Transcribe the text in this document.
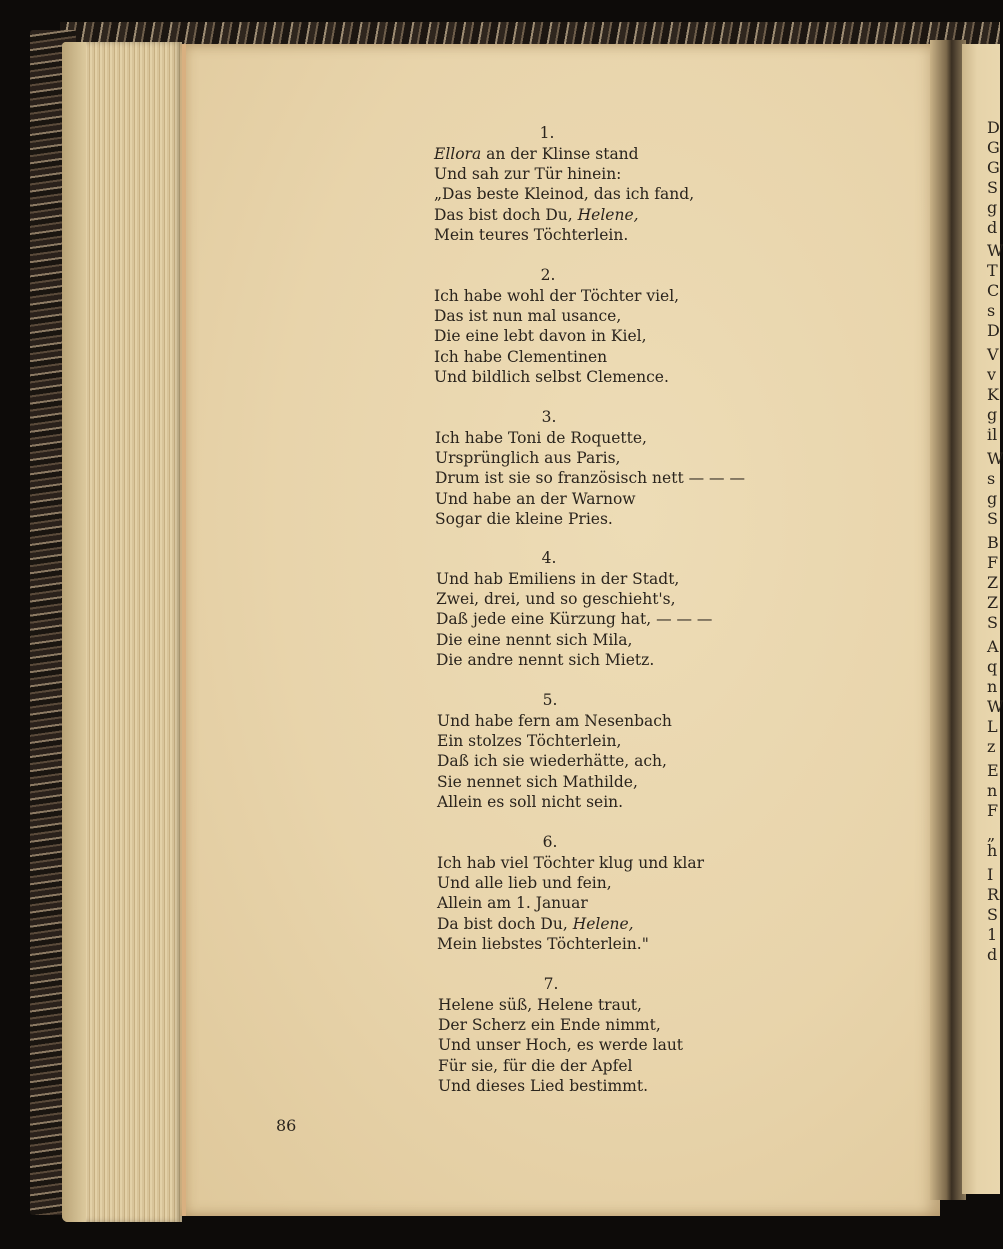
1.
Ellora an der Klinse stand
Und sah zur Tür hinein:
„Das beste Kleinod, das ich fand,
Das bist doch Du, Helene,
Mein teures Töchterlein.
2.
Ich habe wohl der Töchter viel,
Das ist nun mal usance,
Die eine lebt davon in Kiel,
Ich habe Clementinen
Und bildlich selbst Clemence.
3.
Ich habe Toni de Roquette,
Ursprünglich aus Paris,
Drum ist sie so französisch nett — — —
Und habe an der Warnow
Sogar die kleine Pries.
4.
Und hab Emiliens in der Stadt,
Zwei, drei, und so geschieht's,
Daß jede eine Kürzung hat, — — —
Die eine nennt sich Mila,
Die andre nennt sich Mietz.
5.
Und habe fern am Nesenbach
Ein stolzes Töchterlein,
Daß ich sie wiederhätte, ach,
Sie nennet sich Mathilde,
Allein es soll nicht sein.
6.
Ich hab viel Töchter klug und klar
Und alle lieb und fein,
Allein am 1. Januar
Da bist doch Du, Helene,
Mein liebstes Töchterlein."
7.
Helene süß, Helene traut,
Der Scherz ein Ende nimmt,
Und unser Hoch, es werde laut
Für sie, für die der Apfel
Und dieses Lied bestimmt.
86
D
G
G
S
g
d
W
T
C
s
D
V
v
K
g
il
W
s
g
S
B
F
Z
Z
S
A
q
n
W
L
z
E
n
F
„
h
I
R
S
1
d
